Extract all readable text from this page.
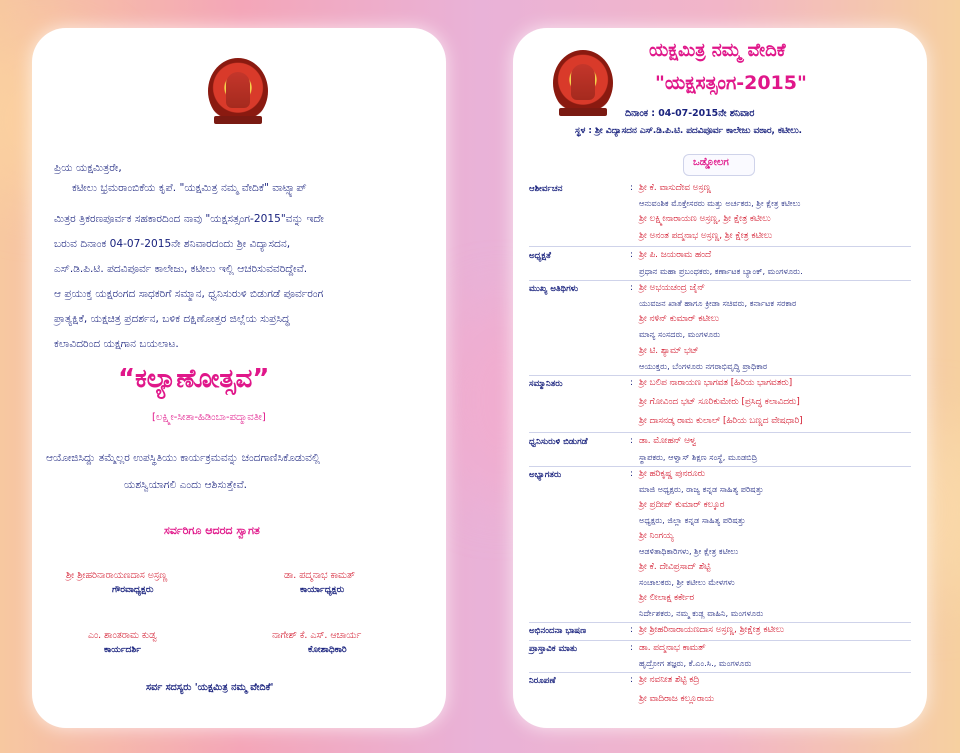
ಪ್ರಿಯ ಯಕ್ಷಮಿತ್ರರೇ,
ಕಟೀಲು ಭ್ರಮರಾಂಬಿಕೆಯ ಕೃಪೆ. "ಯಕ್ಷಮಿತ್ರ ನಮ್ಮ ವೇದಿಕೆ" ವಾಟ್ಸ್ಯಾಪ್
ಮಿತ್ರರ ತ್ರಿಕರಣಪೂರ್ವಕ ಸಹಕಾರದಿಂದ ನಾವು "ಯಕ್ಷಸತ್ಸಂಗ-2015"ವನ್ನು ಇದೇ
ಬರುವ ದಿನಾಂಕ 04-07-2015ನೇ ಶನಿವಾರದಂದು ಶ್ರೀ ವಿದ್ಯಾಸದನ,
ಎಸ್.ಡಿ.ಪಿ.ಟಿ. ಪದವಿಪೂರ್ವ ಕಾಲೇಜು, ಕಟೀಲು ಇಲ್ಲಿ ಆಚರಿಸುವವರಿದ್ದೇವೆ.
ಆ ಪ್ರಯುಕ್ತ ಯಕ್ಷರಂಗದ ಸಾಧಕರಿಗೆ ಸಮ್ಮಾನ, ಧ್ವನಿಸುರುಳಿ ಬಿಡುಗಡೆ ಪೂರ್ವರಂಗ
ಪ್ರಾತ್ಯಕ್ಷಿಕೆ, ಯಕ್ಷಚಿತ್ರ ಪ್ರದರ್ಶನ, ಬಳಿಕ ದಕ್ಷಿಣೋತ್ತರ ಜಿಲ್ಲೆಯ ಸುಪ್ರಸಿದ್ಧ
ಕಲಾವಿದರಿಂದ ಯಕ್ಷಗಾನ ಬಯಲಾಟ.
“ಕಲ್ಯಾಣೋತ್ಸವ”
[ಲಕ್ಷ್ಮೀ-ಸೀತಾ-ಹಿಡಿಂಬಾ-ಪದ್ಮಾವತೀ]
ಆಯೋಜಿಸಿದ್ದು ತಮ್ಮೆಲ್ಲರ ಉಪಸ್ಥಿತಿಯು ಕಾರ್ಯಕ್ರಮವನ್ನು ಚಂದಗಾಣಿಸಿಕೊಡುವಲ್ಲಿ
ಯಶಸ್ವಿಯಾಗಲಿ ಎಂದು ಆಶಿಸುತ್ತೇವೆ.
ಸರ್ವರಿಗೂ ಆದರದ ಸ್ವಾಗತ
ಶ್ರೀ ಶ್ರೀಹರಿನಾರಾಯಣದಾಸ ಅಸ್ರಣ್ಣ
ಗೌರವಾಧ್ಯಕ್ಷರು
ಡಾ. ಪದ್ಮನಾಭ ಕಾಮತ್
ಕಾರ್ಯಾಧ್ಯಕ್ಷರು
ಎಂ. ಶಾಂತರಾಮ ಕುಡ್ವ
ಕಾರ್ಯದರ್ಶಿ
ನಾಗೇಶ್ ಕೆ. ಎಸ್. ಆಚಾರ್ಯ
ಕೋಶಾಧಿಕಾರಿ
ಸರ್ವ ಸದಸ್ಯರು 'ಯಕ್ಷಮಿತ್ರ ನಮ್ಮ ವೇದಿಕೆ'
ಯಕ್ಷಮಿತ್ರ ನಮ್ಮ ವೇದಿಕೆ
"ಯಕ್ಷಸತ್ಸಂಗ-2015"
ದಿನಾಂಕ : 04-07-2015ನೇ ಶನಿವಾರ
ಸ್ಥಳ : ಶ್ರೀ ವಿದ್ಯಾಸದನ ಎಸ್.ಡಿ.ಪಿ.ಟಿ. ಪದವಿಪೂರ್ವ ಕಾಲೇಜು ವಠಾರ, ಕಟೀಲು.
ಒಡ್ಡೋಲಗ
ಆಶೀರ್ವಚನ	: ಶ್ರೀ ಕೆ. ವಾಸುದೇವ ಅಸ್ರಣ್ಣ
ಆನುವಂಶಿಕ ಮೊಕ್ತೇಸರರು ಮತ್ತು ಅರ್ಚಕರು, ಶ್ರೀ ಕ್ಷೇತ್ರ ಕಟೀಲು
ಶ್ರೀ ಲಕ್ಷ್ಮೀನಾರಾಯಣ ಅಸ್ರಣ್ಣ, ಶ್ರೀ ಕ್ಷೇತ್ರ ಕಟೀಲು
ಶ್ರೀ ಅನಂತ ಪದ್ಮನಾಭ ಅಸ್ರಣ್ಣ, ಶ್ರೀ ಕ್ಷೇತ್ರ ಕಟೀಲು
ಅಧ್ಯಕ್ಷತೆ	: ಶ್ರೀ ಪಿ. ಜಯರಾಮ ಹಂದೆ
ಪ್ರಧಾನ ಮಹಾ ಪ್ರಬಂಧಕರು, ಕರ್ಣಾಟಕ ಬ್ಯಾಂಕ್, ಮಂಗಳೂರು.
ಮುಖ್ಯ ಅತಿಥಿಗಳು	: ಶ್ರೀ ಅಭಯಚಂದ್ರ ಜೈನ್
ಯುವಜನ ಖಾತೆ ಹಾಗೂ ಕ್ರೀಡಾ ಸಚಿವರು, ಕರ್ನಾಟಕ ಸರಕಾರ
ಶ್ರೀ ನಳಿನ್ ಕುಮಾರ್ ಕಟೀಲು
ಮಾನ್ಯ ಸಂಸದರು, ಮಂಗಳೂರು
ಶ್ರೀ ಟಿ. ಶ್ಯಾಮ್ ಭಟ್
ಆಯುಕ್ತರು, ಬೆಂಗಳೂರು ನಗರಾಭಿವೃದ್ಧಿ ಪ್ರಾಧಿಕಾರ
ಸಮ್ಮಾನಿತರು	: ಶ್ರೀ ಬಲಿಪ ನಾರಾಯಣ ಭಾಗವತ [ಹಿರಿಯ ಭಾಗವತರು]
ಶ್ರೀ ಗೋವಿಂದ ಭಟ್ ಸೂರಿಕುಮೇರು [ಪ್ರಸಿದ್ಧ ಕಲಾವಿದರು]
ಶ್ರೀ ದಾಸನಡ್ಕ ರಾಮ ಕುಲಾಲ್ [ಹಿರಿಯ ಬಣ್ಣದ ವೇಷಧಾರಿ]
ಧ್ವನಿಸುರುಳಿ ಬಿಡುಗಡೆ	: ಡಾ. ಮೋಹನ್ ಆಳ್ವ
ಸ್ಥಾಪಕರು, ಆಳ್ವಾಸ್ ಶಿಕ್ಷಣ ಸಂಸ್ಥೆ, ಮೂಡಬಿದ್ರಿ
ಅಭ್ಯಾಗತರು	: ಶ್ರೀ ಹರಿಕೃಷ್ಣ ಪುನರೂರು
ಮಾಜಿ ಅಧ್ಯಕ್ಷರು, ರಾಜ್ಯ ಕನ್ನಡ ಸಾಹಿತ್ಯ ಪರಿಷತ್ತು
ಶ್ರೀ ಪ್ರದೀಪ್ ಕುಮಾರ್ ಕಲ್ಕೂರ
ಅಧ್ಯಕ್ಷರು, ಜಿಲ್ಲಾ ಕನ್ನಡ ಸಾಹಿತ್ಯ ಪರಿಷತ್ತು
ಶ್ರೀ ನಿಂಗಯ್ಯ
ಆಡಳಿತಾಧಿಕಾರಿಗಳು, ಶ್ರೀ ಕ್ಷೇತ್ರ ಕಟೀಲು
ಶ್ರೀ ಕೆ. ದೇವಿಪ್ರಸಾದ್ ಶೆಟ್ಟಿ
ಸಂಚಾಲಕರು, ಶ್ರೀ ಕಟೀಲು ಮೇಳಗಳು
ಶ್ರೀ ಲೀಲಾಕ್ಷ ಕರ್ಕೇರ
ನಿರ್ದೇಶಕರು, ನಮ್ಮ ಕುಡ್ಲ ವಾಹಿನಿ, ಮಂಗಳೂರು
ಅಭಿನಂದನಾ ಭಾಷಣ	: ಶ್ರೀ ಶ್ರೀಹರಿನಾರಾಯಣದಾಸ ಅಸ್ರಣ್ಣ, ಶ್ರೀಕ್ಷೇತ್ರ ಕಟೀಲು
ಪ್ರಾಸ್ತಾವಿಕ ಮಾತು	: ಡಾ. ಪದ್ಮನಾಭ ಕಾಮತ್
ಹೃದ್ರೋಗ ತಜ್ಞರು, ಕೆ.ಎಂ.ಸಿ., ಮಂಗಳೂರು
ನಿರೂಪಣೆ	: ಶ್ರೀ ನವನೀತ ಶೆಟ್ಟಿ ಕದ್ರಿ
ಶ್ರೀ ವಾದಿರಾಜ ಕಲ್ಲೂರಾಯ
